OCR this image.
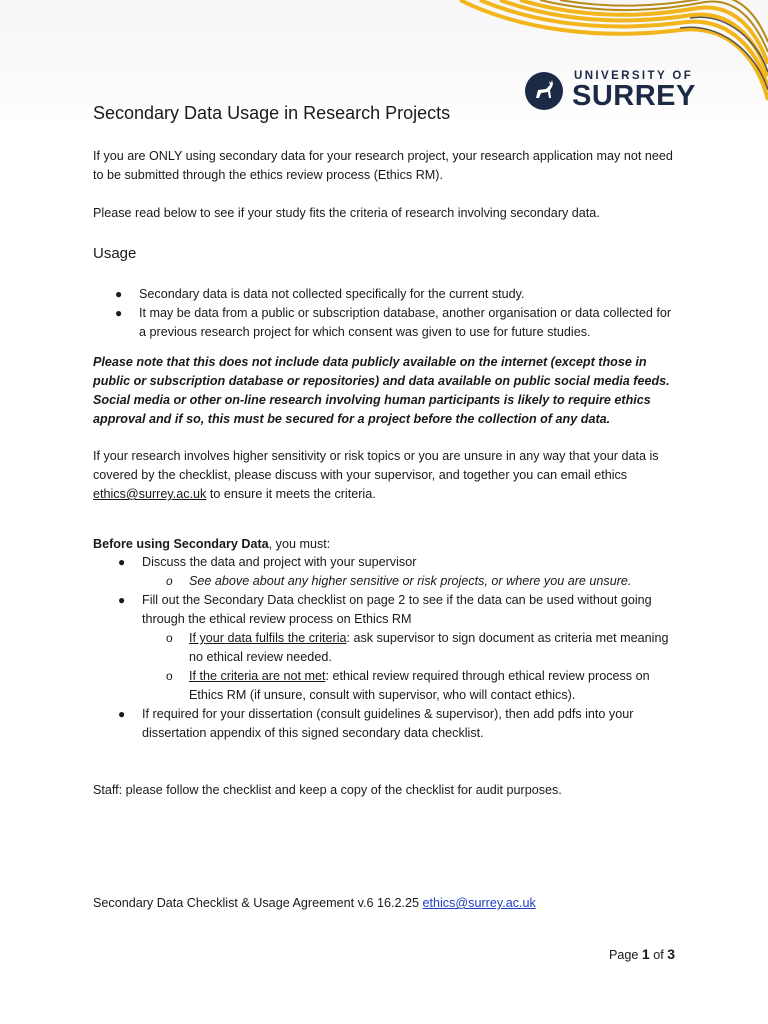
UNIVERSITY OF
SURREY
Secondary Data Usage in Research Projects
If you are ONLY using secondary data for your research project, your research application may not need to be submitted through the ethics review process (Ethics RM).
Please read below to see if your study fits the criteria of research involving secondary data.
Usage
● Secondary data is data not collected specifically for the current study.
● It may be data from a public or subscription database, another organisation or data collected for a previous research project for which consent was given to use for future studies.
Please note that this does not include data publicly available on the internet (except those in public or subscription database or repositories) and data available on public social media feeds. Social media or other on-line research involving human participants is likely to require ethics approval and if so, this must be secured for a project before the collection of any data.
If your research involves higher sensitivity or risk topics or you are unsure in any way that your data is covered by the checklist, please discuss with your supervisor, and together you can email ethics
ethics@surrey.ac.uk to ensure it meets the criteria.
Before using Secondary Data, you must:
● Discuss the data and project with your supervisor
o See above about any higher sensitive or risk projects, or where you are unsure.
● Fill out the Secondary Data checklist on page 2 to see if the data can be used without going through the ethical review process on Ethics RM
o If your data fulfils the criteria: ask supervisor to sign document as criteria met meaning no ethical review needed.
o If the criteria are not met: ethical review required through ethical review process on Ethics RM (if unsure, consult with supervisor, who will contact ethics).
● If required for your dissertation (consult guidelines & supervisor), then add pdfs into your dissertation appendix of this signed secondary data checklist.
Staff: please follow the checklist and keep a copy of the checklist for audit purposes.
Secondary Data Checklist & Usage Agreement v.6 16.2.25 ethics@surrey.ac.uk
Page 1 of 3
